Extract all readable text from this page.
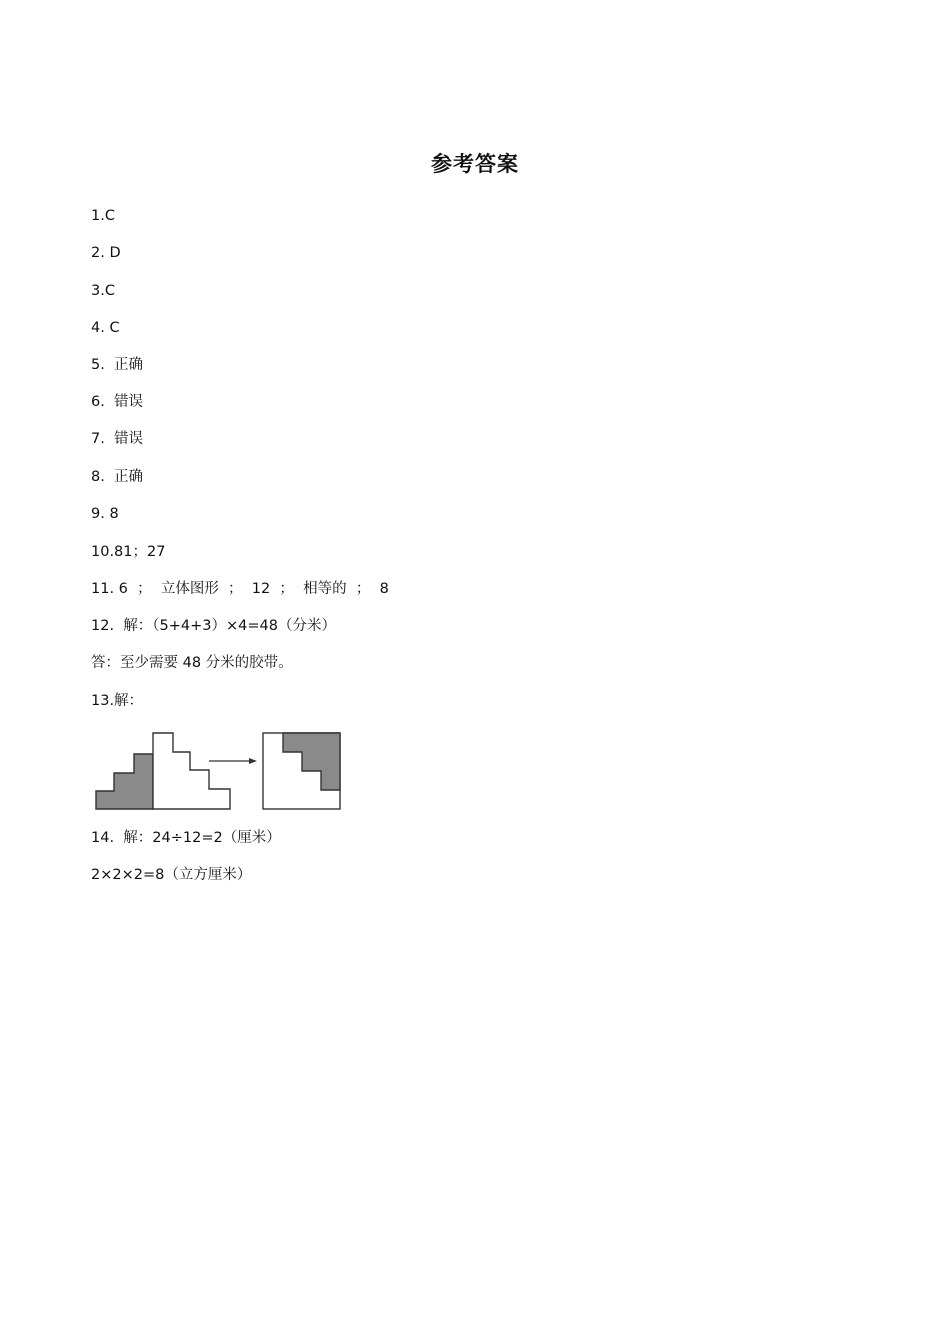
参考答案
1.C
2. D
3.C
4. C
5.  正确
6.  错误
7.  错误
8.  正确
9. 8
10.81；27
11. 6  ；  立体图形  ；  12  ；  相等的  ；  8
12.  解：（5+4+3）×4=48（分米）
答：至少需要 48 分米的胶带。
13.解：
14.  解：24÷12=2（厘米）
2×2×2=8（立方厘米）
